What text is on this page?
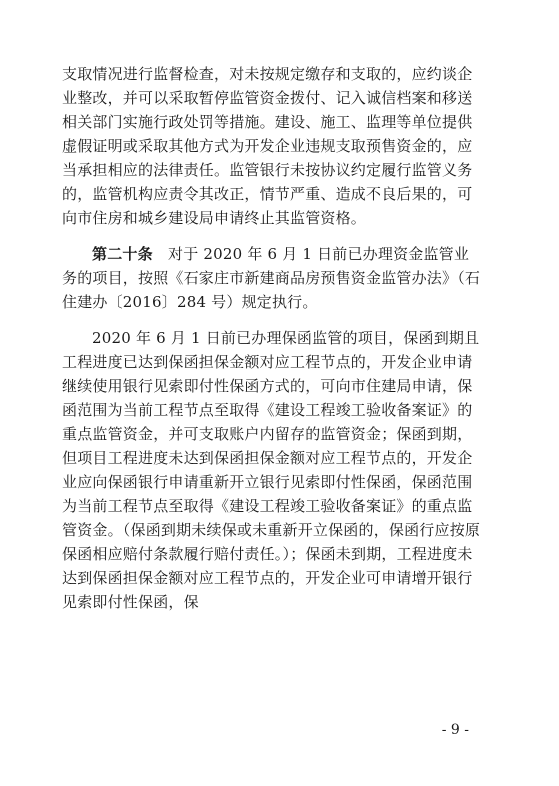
支取情况进行监督检查，对未按规定缴存和支取的，应约谈企业整改，并可以采取暂停监管资金拨付、记入诚信档案和移送相关部门实施行政处罚等措施。建设、施工、监理等单位提供虚假证明或采取其他方式为开发企业违规支取预售资金的，应当承担相应的法律责任。监管银行未按协议约定履行监管义务的，监管机构应责令其改正，情节严重、造成不良后果的，可向市住房和城乡建设局申请终止其监管资格。

第二十条　对于 2020 年 6 月 1 日前已办理资金监管业务的项目，按照《石家庄市新建商品房预售资金监管办法》（石住建办〔2016〕284 号）规定执行。

2020 年 6 月 1 日前已办理保函监管的项目，保函到期且工程进度已达到保函担保金额对应工程节点的，开发企业申请继续使用银行见索即付性保函方式的，可向市住建局申请，保函范围为当前工程节点至取得《建设工程竣工验收备案证》的重点监管资金，并可支取账户内留存的监管资金；保函到期，但项目工程进度未达到保函担保金额对应工程节点的，开发企业应向保函银行申请重新开立银行见索即付性保函，保函范围为当前工程节点至取得《建设工程竣工验收备案证》的重点监管资金。（保函到期未续保或未重新开立保函的，保函行应按原保函相应赔付条款履行赔付责任。）；保函未到期，工程进度未达到保函担保金额对应工程节点的，开发企业可申请增开银行见索即付性保函，保

- 9 -
